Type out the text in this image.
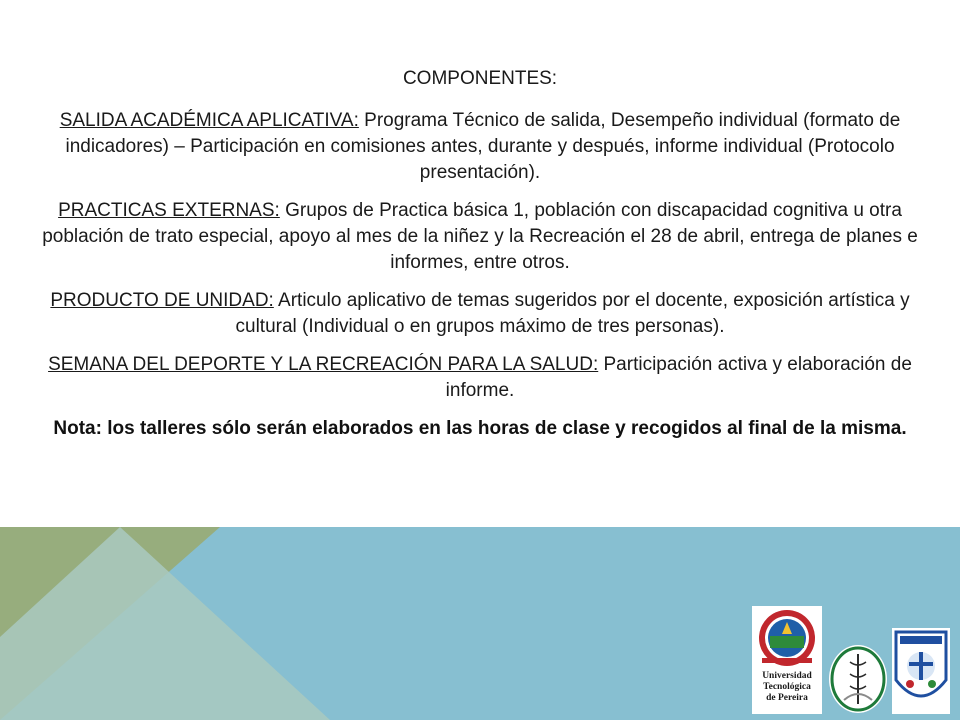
COMPONENTES:

SALIDA ACADÉMICA APLICATIVA: Programa Técnico de salida, Desempeño individual (formato de indicadores) – Participación en comisiones antes, durante y después, informe individual (Protocolo presentación).

PRACTICAS EXTERNAS: Grupos de Practica básica 1, población con discapacidad cognitiva u otra población de trato especial, apoyo al mes de la niñez y la Recreación el 28 de abril, entrega de planes e informes, entre otros.

PRODUCTO DE UNIDAD: Articulo aplicativo de temas sugeridos por el docente, exposición artística y cultural (Individual o en grupos máximo de tres personas).

SEMANA DEL DEPORTE Y LA RECREACIÓN PARA LA SALUD: Participación activa y elaboración de informe.

Nota: los talleres sólo serán elaborados en las horas de clase y recogidos al final de la misma.

Universidad
Tecnológica
de Pereira
